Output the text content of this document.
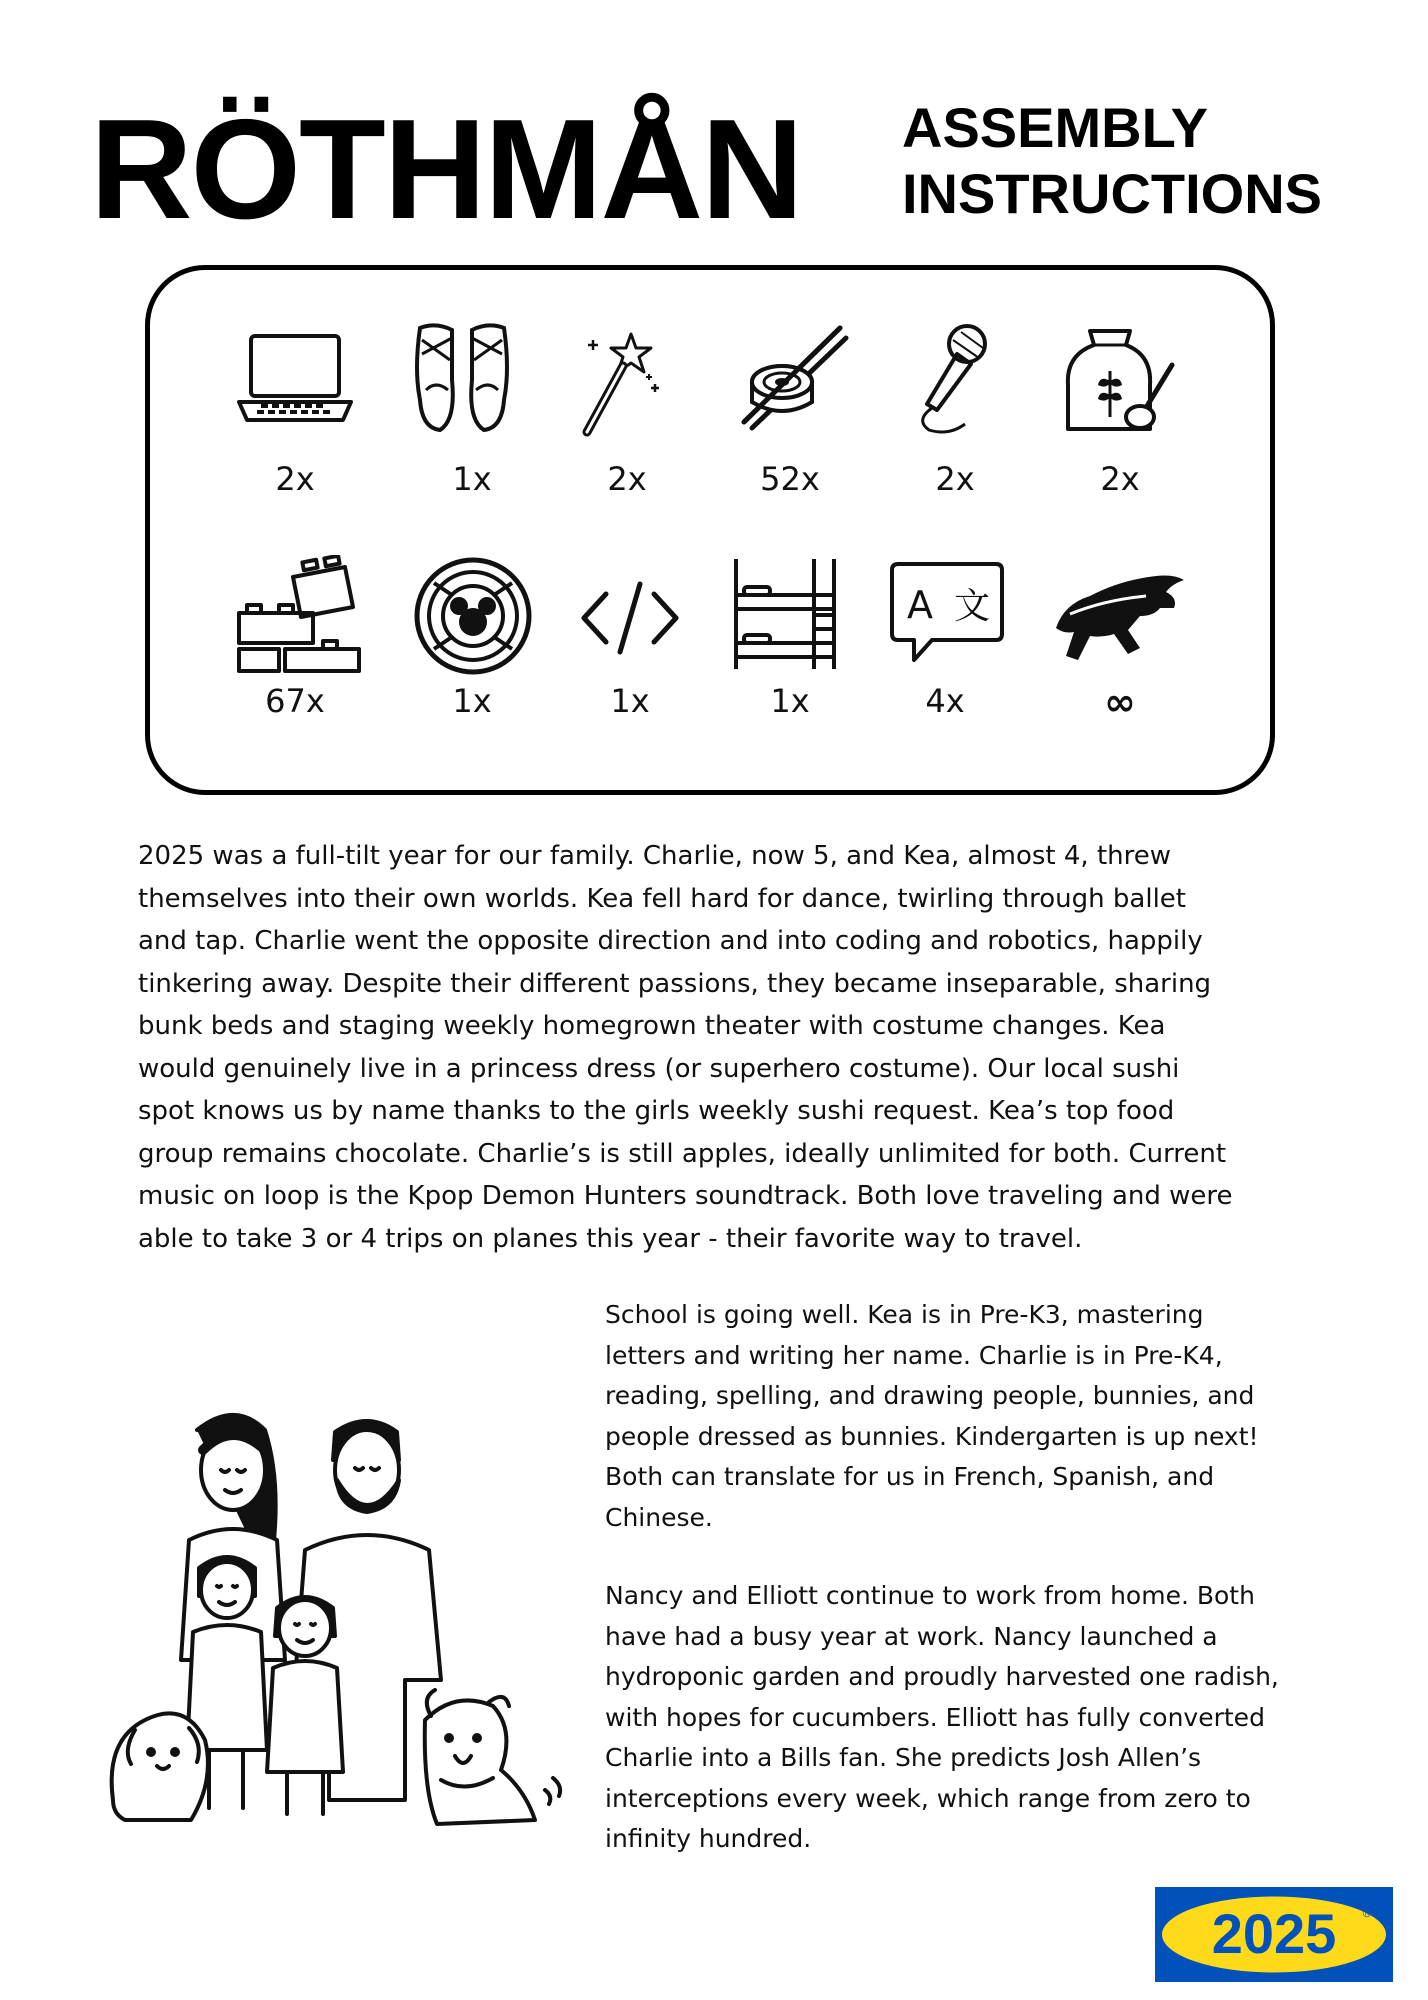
RÖTHMÅN ASSEMBLY
INSTRUCTIONS
2x	1x	2x	52x	2x	2x
A 文
67x	1x	1x	1x	4x	∞
2025 was a full-tilt year for our family. Charlie, now 5, and Kea, almost 4, threw
themselves into their own worlds. Kea fell hard for dance, twirling through ballet
and tap. Charlie went the opposite direction and into coding and robotics, happily
tinkering away. Despite their different passions, they became inseparable, sharing
bunk beds and staging weekly homegrown theater with costume changes. Kea
would genuinely live in a princess dress (or superhero costume). Our local sushi
spot knows us by name thanks to the girls weekly sushi request. Kea’s top food
group remains chocolate. Charlie’s is still apples, ideally unlimited for both. Current
music on loop is the Kpop Demon Hunters soundtrack. Both love traveling and were
able to take 3 or 4 trips on planes this year - their favorite way to travel.
School is going well. Kea is in Pre-K3, mastering
letters and writing her name. Charlie is in Pre-K4,
reading, spelling, and drawing people, bunnies, and
people dressed as bunnies. Kindergarten is up next!
Both can translate for us in French, Spanish, and
Chinese.
Nancy and Elliott continue to work from home. Both
have had a busy year at work. Nancy launched a
hydroponic garden and proudly harvested one radish,
with hopes for cucumbers. Elliott has fully converted
Charlie into a Bills fan. She predicts Josh Allen’s
interceptions every week, which range from zero to
infinity hundred.
2025 ®
